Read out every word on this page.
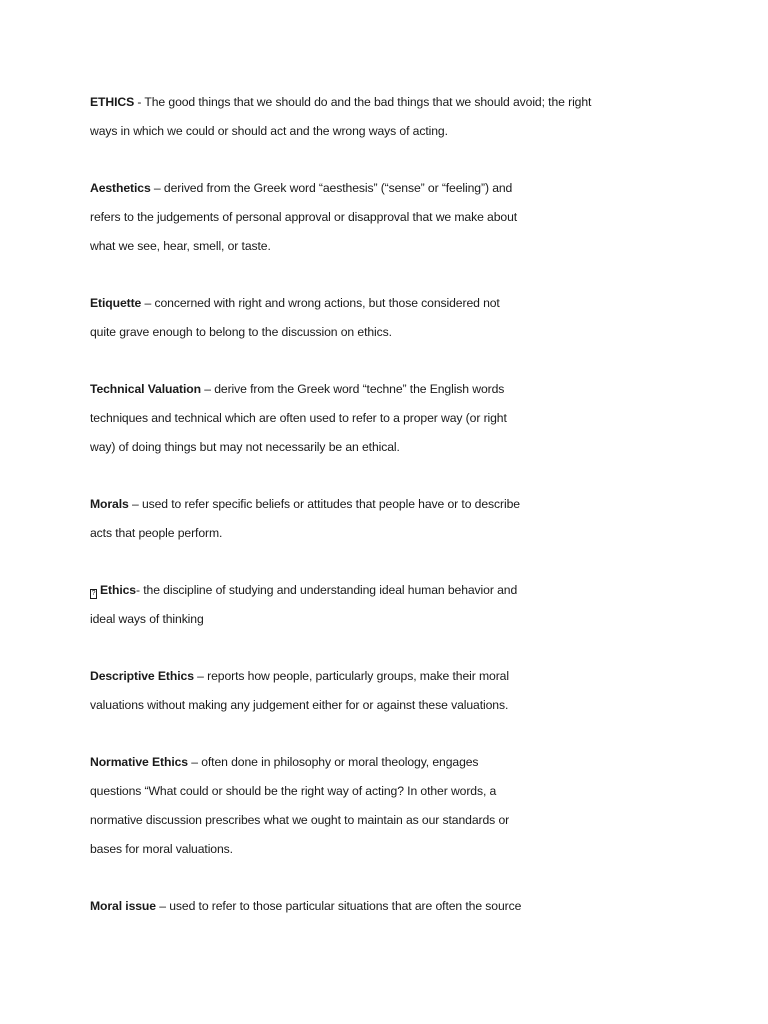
ETHICS - The good things that we should do and the bad things that we should avoid; the right
ways in which we could or should act and the wrong ways of acting.
Aesthetics – derived from the Greek word “aesthesis” (“sense” or “feeling”) and
refers to the judgements of personal approval or disapproval that we make about
what we see, hear, smell, or taste.
Etiquette – concerned with right and wrong actions, but those considered not
quite grave enough to belong to the discussion on ethics.
Technical Valuation – derive from the Greek word “techne” the English words
techniques and technical which are often used to refer to a proper way (or right
way) of doing things but may not necessarily be an ethical.
Morals – used to refer specific beliefs or attitudes that people have or to describe
acts that people perform.
? Ethics- the discipline of studying and understanding ideal human behavior and
ideal ways of thinking
Descriptive Ethics – reports how people, particularly groups, make their moral
valuations without making any judgement either for or against these valuations.
Normative Ethics – often done in philosophy or moral theology, engages
questions “What could or should be the right way of acting? In other words, a
normative discussion prescribes what we ought to maintain as our standards or
bases for moral valuations.
Moral issue – used to refer to those particular situations that are often the source
